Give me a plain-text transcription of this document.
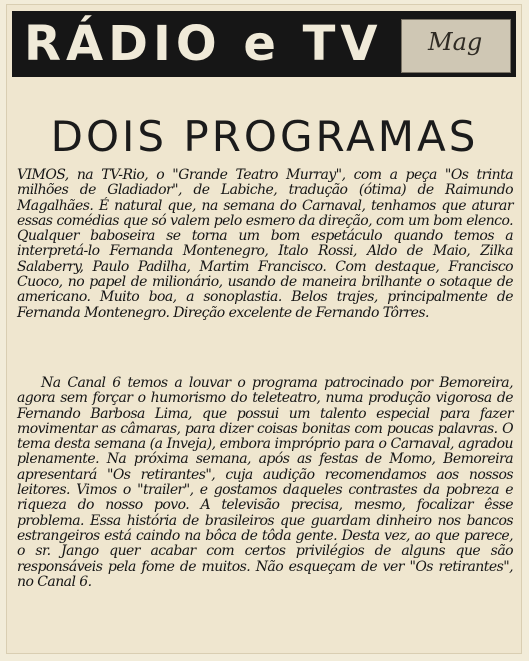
RÁDIO e TV Mag
DOIS PROGRAMAS

VIMOS, na TV-Rio, o "Grande Teatro Murray", com a peça "Os trinta milhões de Gladiador", de Labiche, tradução (ótima) de Raimundo Magalhães. É natural que, na semana do Carnaval, tenhamos que aturar essas comédias que só valem pelo esmero da direção, com um bom elenco. Qualquer baboseira se torna um bom espetáculo quando temos a interpretá-lo Fernanda Montenegro, Italo Rossi, Aldo de Maio, Zilka Salaberry, Paulo Padilha, Martim Francisco. Com destaque, Francisco Cuoco, no papel de milionário, usando de maneira brilhante o sotaque de americano. Muito boa, a sonoplastia. Belos trajes, principalmente de Fernanda Montenegro. Direção excelente de Fernando Tôrres.

Na Canal 6 temos a louvar o programa patrocinado por Bemoreira, agora sem forçar o humorismo do teleteatro, numa produção vigorosa de Fernando Barbosa Lima, que possui um talento especial para fazer movimentar as câmaras, para dizer coisas bonitas com poucas palavras. O tema desta semana (a Inveja), embora impróprio para o Carnaval, agradou plenamente. Na próxima semana, após as festas de Momo, Bemoreira apresentará "Os retirantes", cuja audição recomendamos aos nossos leitores. Vimos o "trailer", e gostamos daqueles contrastes da pobreza e riqueza do nosso povo. A televisão precisa, mesmo, focalizar êsse problema. Essa história de brasileiros que guardam dinheiro nos bancos estrangeiros está caindo na bôca de tôda gente. Desta vez, ao que parece, o sr. Jango quer acabar com certos privilégios de alguns que são responsáveis pela fome de muitos. Não esqueçam de ver "Os retirantes", no Canal 6.
